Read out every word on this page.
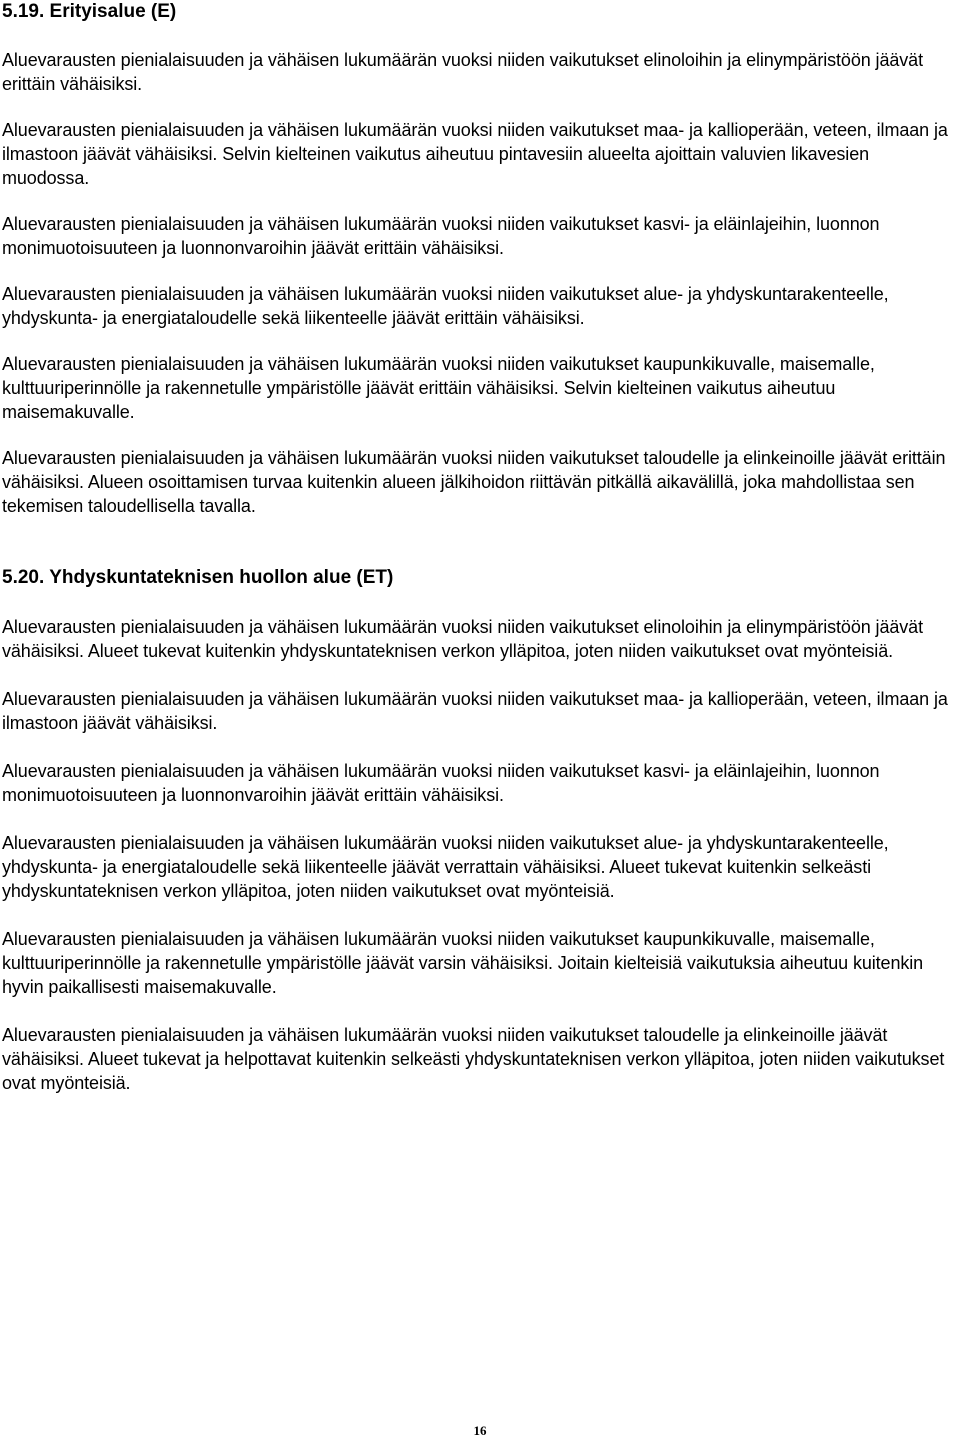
5.19. Erityisalue (E)

Aluevarausten pienialaisuuden ja vähäisen lukumäärän vuoksi niiden vaikutukset elinoloihin ja elinympäristöön jäävät erittäin vähäisiksi.

Aluevarausten pienialaisuuden ja vähäisen lukumäärän vuoksi niiden vaikutukset maa- ja kallioperään, veteen, ilmaan ja ilmastoon jäävät vähäisiksi. Selvin kielteinen vaikutus aiheutuu pintavesiin alueelta ajoittain valuvien likavesien muodossa.

Aluevarausten pienialaisuuden ja vähäisen lukumäärän vuoksi niiden vaikutukset kasvi- ja eläinlajeihin, luonnon monimuotoisuuteen ja luonnonvaroihin jäävät erittäin vähäisiksi.

Aluevarausten pienialaisuuden ja vähäisen lukumäärän vuoksi niiden vaikutukset alue- ja yhdyskuntarakenteelle, yhdyskunta- ja energiataloudelle sekä liikenteelle jäävät erittäin vähäisiksi.

Aluevarausten pienialaisuuden ja vähäisen lukumäärän vuoksi niiden vaikutukset kaupunkikuvalle, maisemalle, kulttuuriperinnölle ja rakennetulle ympäristölle jäävät erittäin vähäisiksi. Selvin kielteinen vaikutus aiheutuu maisemakuvalle.

Aluevarausten pienialaisuuden ja vähäisen lukumäärän vuoksi niiden vaikutukset taloudelle ja elinkeinoille jäävät erittäin vähäisiksi. Alueen osoittamisen turvaa kuitenkin alueen jälkihoidon riittävän pitkällä aikavälillä, joka mahdollistaa sen tekemisen taloudellisella tavalla.

5.20. Yhdyskuntateknisen huollon alue (ET)

Aluevarausten pienialaisuuden ja vähäisen lukumäärän vuoksi niiden vaikutukset elinoloihin ja elinympäristöön jäävät vähäisiksi. Alueet tukevat kuitenkin yhdyskuntateknisen verkon ylläpitoa, joten niiden vaikutukset ovat myönteisiä.

Aluevarausten pienialaisuuden ja vähäisen lukumäärän vuoksi niiden vaikutukset maa- ja kallioperään, veteen, ilmaan ja ilmastoon jäävät vähäisiksi.

Aluevarausten pienialaisuuden ja vähäisen lukumäärän vuoksi niiden vaikutukset kasvi- ja eläinlajeihin, luonnon monimuotoisuuteen ja luonnonvaroihin jäävät erittäin vähäisiksi.

Aluevarausten pienialaisuuden ja vähäisen lukumäärän vuoksi niiden vaikutukset alue- ja yhdyskuntarakenteelle, yhdyskunta- ja energiataloudelle sekä liikenteelle jäävät verrattain vähäisiksi. Alueet tukevat kuitenkin selkeästi yhdyskuntateknisen verkon ylläpitoa, joten niiden vaikutukset ovat myönteisiä.

Aluevarausten pienialaisuuden ja vähäisen lukumäärän vuoksi niiden vaikutukset kaupunkikuvalle, maisemalle, kulttuuriperinnölle ja rakennetulle ympäristölle jäävät varsin vähäisiksi. Joitain kielteisiä vaikutuksia aiheutuu kuitenkin hyvin paikallisesti maisemakuvalle.

Aluevarausten pienialaisuuden ja vähäisen lukumäärän vuoksi niiden vaikutukset taloudelle ja elinkeinoille jäävät vähäisiksi. Alueet tukevat ja helpottavat kuitenkin selkeästi yhdyskuntateknisen verkon ylläpitoa, joten niiden vaikutukset ovat myönteisiä.

16
